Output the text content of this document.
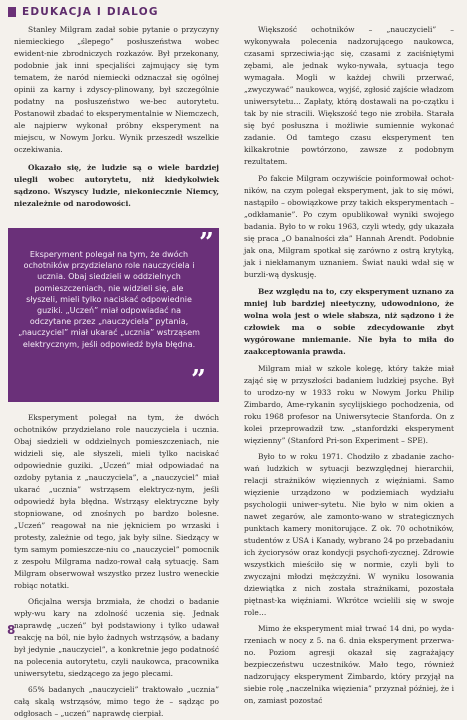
EDUKACJA I DIALOG

Stanley Milgram zadał sobie pytanie o przyczyny niemieckiego „ślepego” posłuszeństwa wobec ewident-nie zbrodniczych rozkazów. Był przekonany, podobnie jak inni specjaliści zajmujący się tym tematem, że naród niemiecki odznaczał się ogólnej opinii za karny i zdyscy-plinowany, był szczególnie podatny na posłuszeństwo we-bec autorytetu. Postanowił zbadać to eksperymentalnie w Niemczech, ale najpierw wykonał próbny eksperyment na miejscu, w Nowym Jorku. Wynik przeszedł wszelkie oczekiwania.

Okazało się, że ludzie są o wiele bardziej ulegli wobec autorytetu, niż kiedykolwiek sądzono. Wszyscy ludzie, niekoniecznie Niemcy, niezależnie od narodowości.

”
Eksperyment polegał na tym, że dwóch ochotników przydzielano role nauczyciela i ucznia. Obaj siedzieli w oddzielnych pomieszczeniach, nie widzieli się, ale słyszeli, mieli tylko naciskać odpowiednie guziki. „Uczeń” miał odpowiadać na odczytane przez „nauczyciela” pytania, „nauczyciel” miał ukarać „ucznia” wstrząsem elektrycznym, jeśli odpowiedź była błędna.
”

Eksperyment polegał na tym, że dwóch ochotników przydzielano role nauczyciela i ucznia. Obaj siedzieli w oddzielnych pomieszczeniach, nie widzieli się, ale słyszeli, mieli tylko naciskać odpowiednie guziki. „Uczeń” miał odpowiadać na ozdoby pytania z „nauczyciela”, a „nauczyciel” miał ukarać „ucznia” wstrząsem elektrycz-nym, jeśli odpowiedź była błędna. Wstrząsy elektryczne były stopniowane, od znośnych po bardzo bolesne. „Uczeń” reagował na nie jękniciem po wrzaski i protesty, zależnie od tego, jak były silne. Siedzący w tym samym pomieszcze-niu co „nauczyciel” pomocnik z zespołu Milgrama nadzo-rował całą sytuację. Sam Milgram obserwował wszystko przez lustro weneckie robiąc notatki.

Oficjalna wersja brzmiała, że chodzi o badanie wpły-wu kary na zdolność uczenia się. Jednak naprawdę „uczeń” był podstawiony i tylko udawał reakcję na ból, nie było żadnych wstrząsów, a badany był jedynie „nauczyciel”, a konkretnie jego podatność na polecenia autorytetu, czyli naukowca, pracownika uniwersytetu, siedzącego za jego plecami.

65% badanych „nauczycieli” traktowało „ucznia” całą skalą wstrząsów, mimo tego że – sądząc po odgłosach – „uczeń” naprawdę cierpiał.

Większość ochotników – „nauczycieli” – wykonywała polecenia nadzorującego naukowca, czasami sprzeciwia-jąc się, czasami z zaciśniętymi zębami, ale jednak wyko-nywała, sytuacja tego wymagała. Mogli w każdej chwili przerwać, „zwyczywać” naukowca, wyjść, zgłosić zajście władzom uniwersytetu… Zapłaty, którą dostawali na po-czątku i tak by nie stracili. Większość tego nie zrobiła. Starała się być posłuszna i możliwie sumiennie wykonać zadanie. Od tamtego czasu eksperyment ten kilkakrotnie powtórzono, zawsze z podobnym rezultatem.

Po fakcie Milgram oczywiście poinformował ochot-ników, na czym polegał eksperyment, jak to się mówi, nastąpiło – obowiązkowe przy takich eksperymentach – „odkłamanie”. Po czym opublikował wyniki swojego badania. Było to w roku 1963, czyli wtedy, gdy ukazała się praca „O banalności zła” Hannah Arendt. Podobnie jak ona, Milgram spotkał się zarówno z ostrą krytyką, jak i niekłamanym uznaniem. Świat nauki wdał się w burzli-wą dyskusję.

Bez względu na to, czy eksperyment uznano za mniej lub bardziej nieetyczny, udowodniono, że wolna wola jest o wiele słabsza, niż sądzono i że człowiek ma o sobie zdecydowanie zbyt wygórowane mniemanie. Nie była to miła do zaakceptowania prawda.

Milgram miał w szkole kolegę, który także miał zająć się w przyszłości badaniem ludzkiej psyche. Był to urodzo-ny w 1933 roku w Nowym Jorku Philip Zimbardo, Ame-rykanin sycylijskiego pochodzenia, od roku 1968 profesor na Uniwersytecie Stanforda. On z kolei przeprowadził tzw. „stanfordzki eksperyment więzienny” (Stanford Pri-son Experiment – SPE).

Było to w roku 1971. Chodziło z zbadanie zacho-wań ludzkich w sytuacji bezwzględnej hierarchii, relacji strażników więziennych z więźniami. Samo więzienie urządzono w podziemiach wydziału psychologii uniwer-sytetu. Nie było w nim okien a nawet zegarów, ale zamonto-wano w strategicznych punktach kamery monitorujące. Z ok. 70 ochotników, studentów z USA i Kanady, wybrano 24 po przebadaniu ich życiorysów oraz kondycji psychofi-zycznej. Zdrowie wszystkich mieściło się w normie, czyli byli to zwyczajni młodzi mężczyźni. W wyniku losowania dziewiątka z nich została strażnikami, pozostała piętnast-ka więźniami. Wkrótce wcielili się w swoje role…

Mimo że eksperyment miał trwać 14 dni, po wyda-rzeniach w nocy z 5. na 6. dnia eksperyment przerwa-no. Poziom agresji okazał się zagrażający bezpieczeństwu uczestników. Mało tego, również nadzorujący eksperyment Zimbardo, który przyjął na siebie rolę „naczelnika więzienia” przyznał później, że i on, zamiast pozostać

8
